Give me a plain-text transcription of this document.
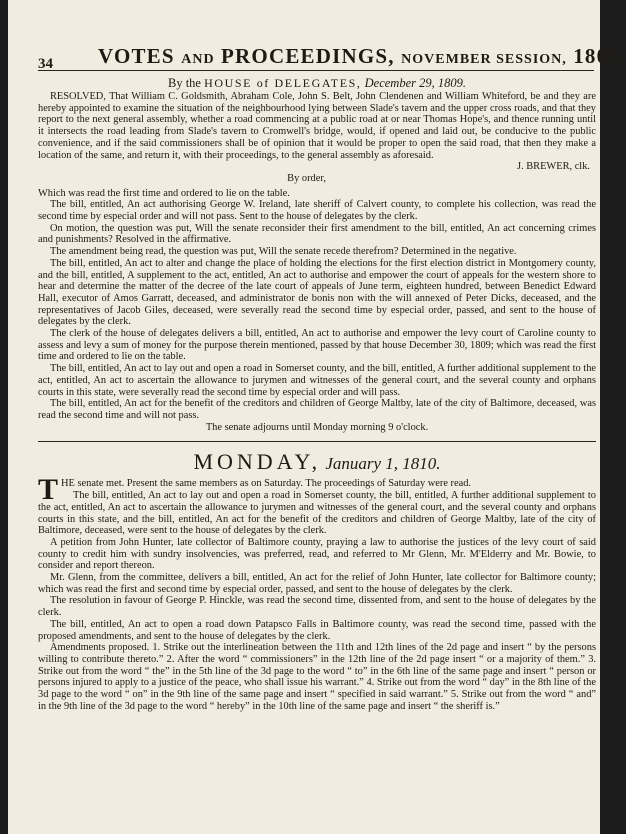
34 VOTES AND PROCEEDINGS, NOVEMBER SESSION, 1809.
By the HOUSE of DELEGATES, December 29, 1809.

RESOLVED, That William C. Goldsmith, Abraham Cole, John S. Belt, John Clendenen and William Whiteford, be and they are hereby appointed to examine the situation of the neighbourhood lying between Slade's tavern and the upper cross roads, and that they report to the next general assembly, whether a road commencing at a public road at or near Thomas Hope's, and thence running until it intersects the road leading from Slade's tavern to Cromwell's bridge, would, if opened and laid out, be conducive to the public convenience, and if the said commissioners shall be of opinion that it would be proper to open the said road, that then they make a location of the same, and return it, with their proceedings, to the general assembly as aforesaid.

J. BREWER, clk.
By order,

Which was read the first time and ordered to lie on the table.

The bill, entitled, An act authorising George W. Ireland, late sheriff of Calvert county, to complete his collection, was read the second time by especial order and will not pass. Sent to the house of delegates by the clerk.

On motion, the question was put, Will the senate reconsider their first amendment to the bill, entitled, An act concerning crimes and punishments? Resolved in the affirmative.

The amendment being read, the question was put, Will the senate recede therefrom? Determined in the negative.

The bill, entitled, An act to alter and change the place of holding the elections for the first election district in Montgomery county, and the bill, entitled, A supplement to the act, entitled, An act to authorise and empower the court of appeals for the western shore to hear and determine the matter of the decree of the late court of appeals of June term, eighteen hundred, between Benedict Edward Hall, executor of Amos Garratt, deceased, and administrator de bonis non with the will annexed of Peter Dicks, deceased, and the representatives of Jacob Giles, deceased, were severally read the second time by especial order, passed, and sent to the house of delegates by the clerk.

The clerk of the house of delegates delivers a bill, entitled, An act to authorise and empower the levy court of Caroline county to assess and levy a sum of money for the purpose therein mentioned, passed by that house December 30, 1809; which was read the first time and ordered to lie on the table.

The bill, entitled, An act to lay out and open a road in Somerset county, and the bill, entitled, A further additional supplement to the act, entitled, An act to ascertain the allowance to jurymen and witnesses of the general court, and the several county and orphans courts in this state, were severally read the second time by especial order and will pass.

The bill, entitled, An act for the benefit of the creditors and children of George Maltby, late of the city of Baltimore, deceased, was read the second time and will not pass.

The senate adjourns until Monday morning 9 o'clock.

MONDAY, January 1, 1810.

THE senate met. Present the same members as on Saturday. The proceedings of Saturday were read.

The bill, entitled, An act to lay out and open a road in Somerset county, the bill, entitled, A further additional supplement to the act, entitled, An act to ascertain the allowance to jurymen and witnesses of the general court, and the several county and orphans courts in this state, and the bill, entitled, An act for the benefit of the creditors and children of George Maltby, late of the city of Baltimore, deceased, were sent to the house of delegates by the clerk.

A petition from John Hunter, late collector of Baltimore county, praying a law to authorise the justices of the levy court of said county to credit him with sundry insolvencies, was preferred, read, and referred to Mr Glenn, Mr. M'Elderry and Mr. Bowie, to consider and report thereon.

Mr. Glenn, from the committee, delivers a bill, entitled, An act for the relief of John Hunter, late collector for Baltimore county; which was read the first and second time by especial order, passed, and sent to the house of delegates by the clerk.

The resolution in favour of George P. Hinckle, was read the second time, dissented from, and sent to the house of delegates by the clerk.

The bill, entitled, An act to open a road down Patapsco Falls in Baltimore county, was read the second time, passed with the proposed amendments, and sent to the house of delegates by the clerk.

Amendments proposed. 1. Strike out the interlineation between the 11th and 12th lines of the 2d page and insert “ by the persons willing to contribute thereto.” 2. After the word “ commissioners” in the 12th line of the 2d page insert “ or a majority of them.” 3. Strike out from the word “ the” in the 5th line of the 3d page to the word “ to” in the 6th line of the same page and insert “ person or persons injured to apply to a justice of the peace, who shall issue his warrant.” 4. Strike out from the word “ day” in the 8th line of the 3d page to the word “ on” in the 9th line of the same page and insert “ specified in said warrant.” 5. Strike out from the word “ and” in the 9th line of the 3d page to the word “ hereby” in the 10th line of the same page and insert “ the sheriff is.”
